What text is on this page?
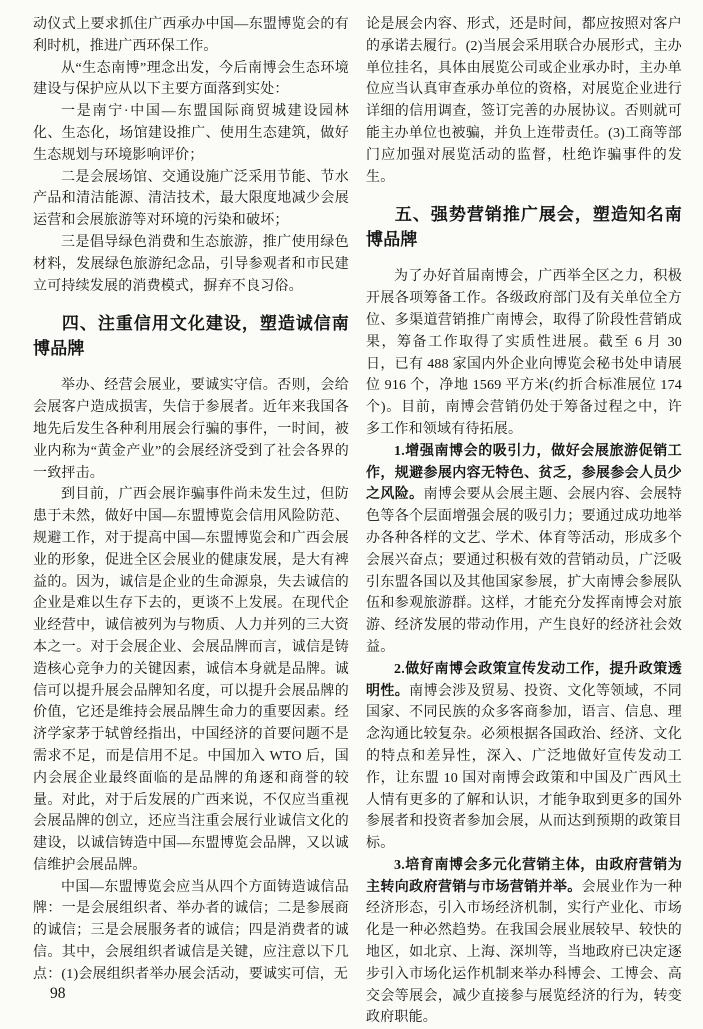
动仪式上要求抓住广西承办中国—东盟博览会的有利时机，推进广西环保工作。

从“生态南博”理念出发，今后南博会生态环境建设与保护应从以下主要方面落到实处：

一是南宁·中国—东盟国际商贸城建设园林化、生态化，场馆建设推广、使用生态建筑，做好生态规划与环境影响评价；

二是会展场馆、交通设施广泛采用节能、节水产品和清洁能源、清洁技术，最大限度地减少会展运营和会展旅游等对环境的污染和破坏；

三是倡导绿色消费和生态旅游，推广使用绿色材料，发展绿色旅游纪念品，引导参观者和市民建立可持续发展的消费模式，摒弃不良习俗。

四、注重信用文化建设，塑造诚信南博品牌

举办、经营会展业，要诚实守信。否则，会给会展客户造成损害，失信于参展者。近年来我国各地先后发生各种利用展会行骗的事件，一时间，被业内称为“黄金产业”的会展经济受到了社会各界的一致抨击。

到目前，广西会展诈骗事件尚未发生过，但防患于未然，做好中国—东盟博览会信用风险防范、规避工作，对于提高中国—东盟博览会和广西会展业的形象，促进全区会展业的健康发展，是大有裨益的。因为，诚信是企业的生命源泉，失去诚信的企业是难以生存下去的，更谈不上发展。在现代企业经营中，诚信被列为与物质、人力并列的三大资本之一。对于会展企业、会展品牌而言，诚信是铸造核心竞争力的关键因素，诚信本身就是品牌。诚信可以提升展会品牌知名度，可以提升会展品牌的价值，它还是维持会展品牌生命力的重要因素。经济学家茅于轼曾经指出，中国经济的首要问题不是需求不足，而是信用不足。中国加入 WTO 后，国内会展企业最终面临的是品牌的角逐和商誉的较量。对此，对于后发展的广西来说，不仅应当重视会展品牌的创立，还应当注重会展行业诚信文化的建设，以诚信铸造中国—东盟博览会品牌，又以诚信维护会展品牌。

中国—东盟博览会应当从四个方面铸造诚信品牌：一是会展组织者、举办者的诚信；二是参展商的诚信；三是会展服务者的诚信；四是消费者的诚信。其中，会展组织者诚信是关键，应注意以下几点：(1)会展组织者举办展会活动，要诚实可信，无

论是展会内容、形式，还是时间，都应按照对客户的承诺去履行。(2)当展会采用联合办展形式，主办单位挂名，具体由展览公司或企业承办时，主办单位应当认真审查承办单位的资格，对展览企业进行详细的信用调查，签订完善的办展协议。否则就可能主办单位也被骗，并负上连带责任。(3)工商等部门应加强对展览活动的监督，杜绝诈骗事件的发生。

五、强势营销推广展会，塑造知名南博品牌

为了办好首届南博会，广西举全区之力，积极开展各项筹备工作。各级政府部门及有关单位全方位、多渠道营销推广南博会，取得了阶段性营销成果，筹备工作取得了实质性进展。截至 6 月 30 日，已有 488 家国内外企业向博览会秘书处申请展位 916 个，净地 1569 平方米(约折合标准展位 174 个)。目前，南博会营销仍处于筹备过程之中，许多工作和领域有待拓展。

1.增强南博会的吸引力，做好会展旅游促销工作，规避参展内容无特色、贫乏，参展参会人员少之风险。南博会要从会展主题、会展内容、会展特色等各个层面增强会展的吸引力；要通过成功地举办各种各样的文艺、学术、体育等活动，形成多个会展兴奋点；要通过积极有效的营销动员，广泛吸引东盟各国以及其他国家参展，扩大南博会参展队伍和参观旅游群。这样，才能充分发挥南博会对旅游、经济发展的带动作用，产生良好的经济社会效益。

2.做好南博会政策宣传发动工作，提升政策透明性。南博会涉及贸易、投资、文化等领域，不同国家、不同民族的众多客商参加，语言、信息、理念沟通比较复杂。必须根据各国政治、经济、文化的特点和差异性，深入、广泛地做好宣传发动工作，让东盟 10 国对南博会政策和中国及广西风土人情有更多的了解和认识，才能争取到更多的国外参展者和投资者参加会展，从而达到预期的政策目标。

3.培育南博会多元化营销主体，由政府营销为主转向政府营销与市场营销并举。会展业作为一种经济形态，引入市场经济机制，实行产业化、市场化是一种必然趋势。在我国会展业展较早、较快的地区，如北京、上海、深圳等，当地政府已决定逐步引入市场化运作机制来举办科博会、工博会、高交会等展会，减少直接参与展览经济的行为，转变政府职能。

98
